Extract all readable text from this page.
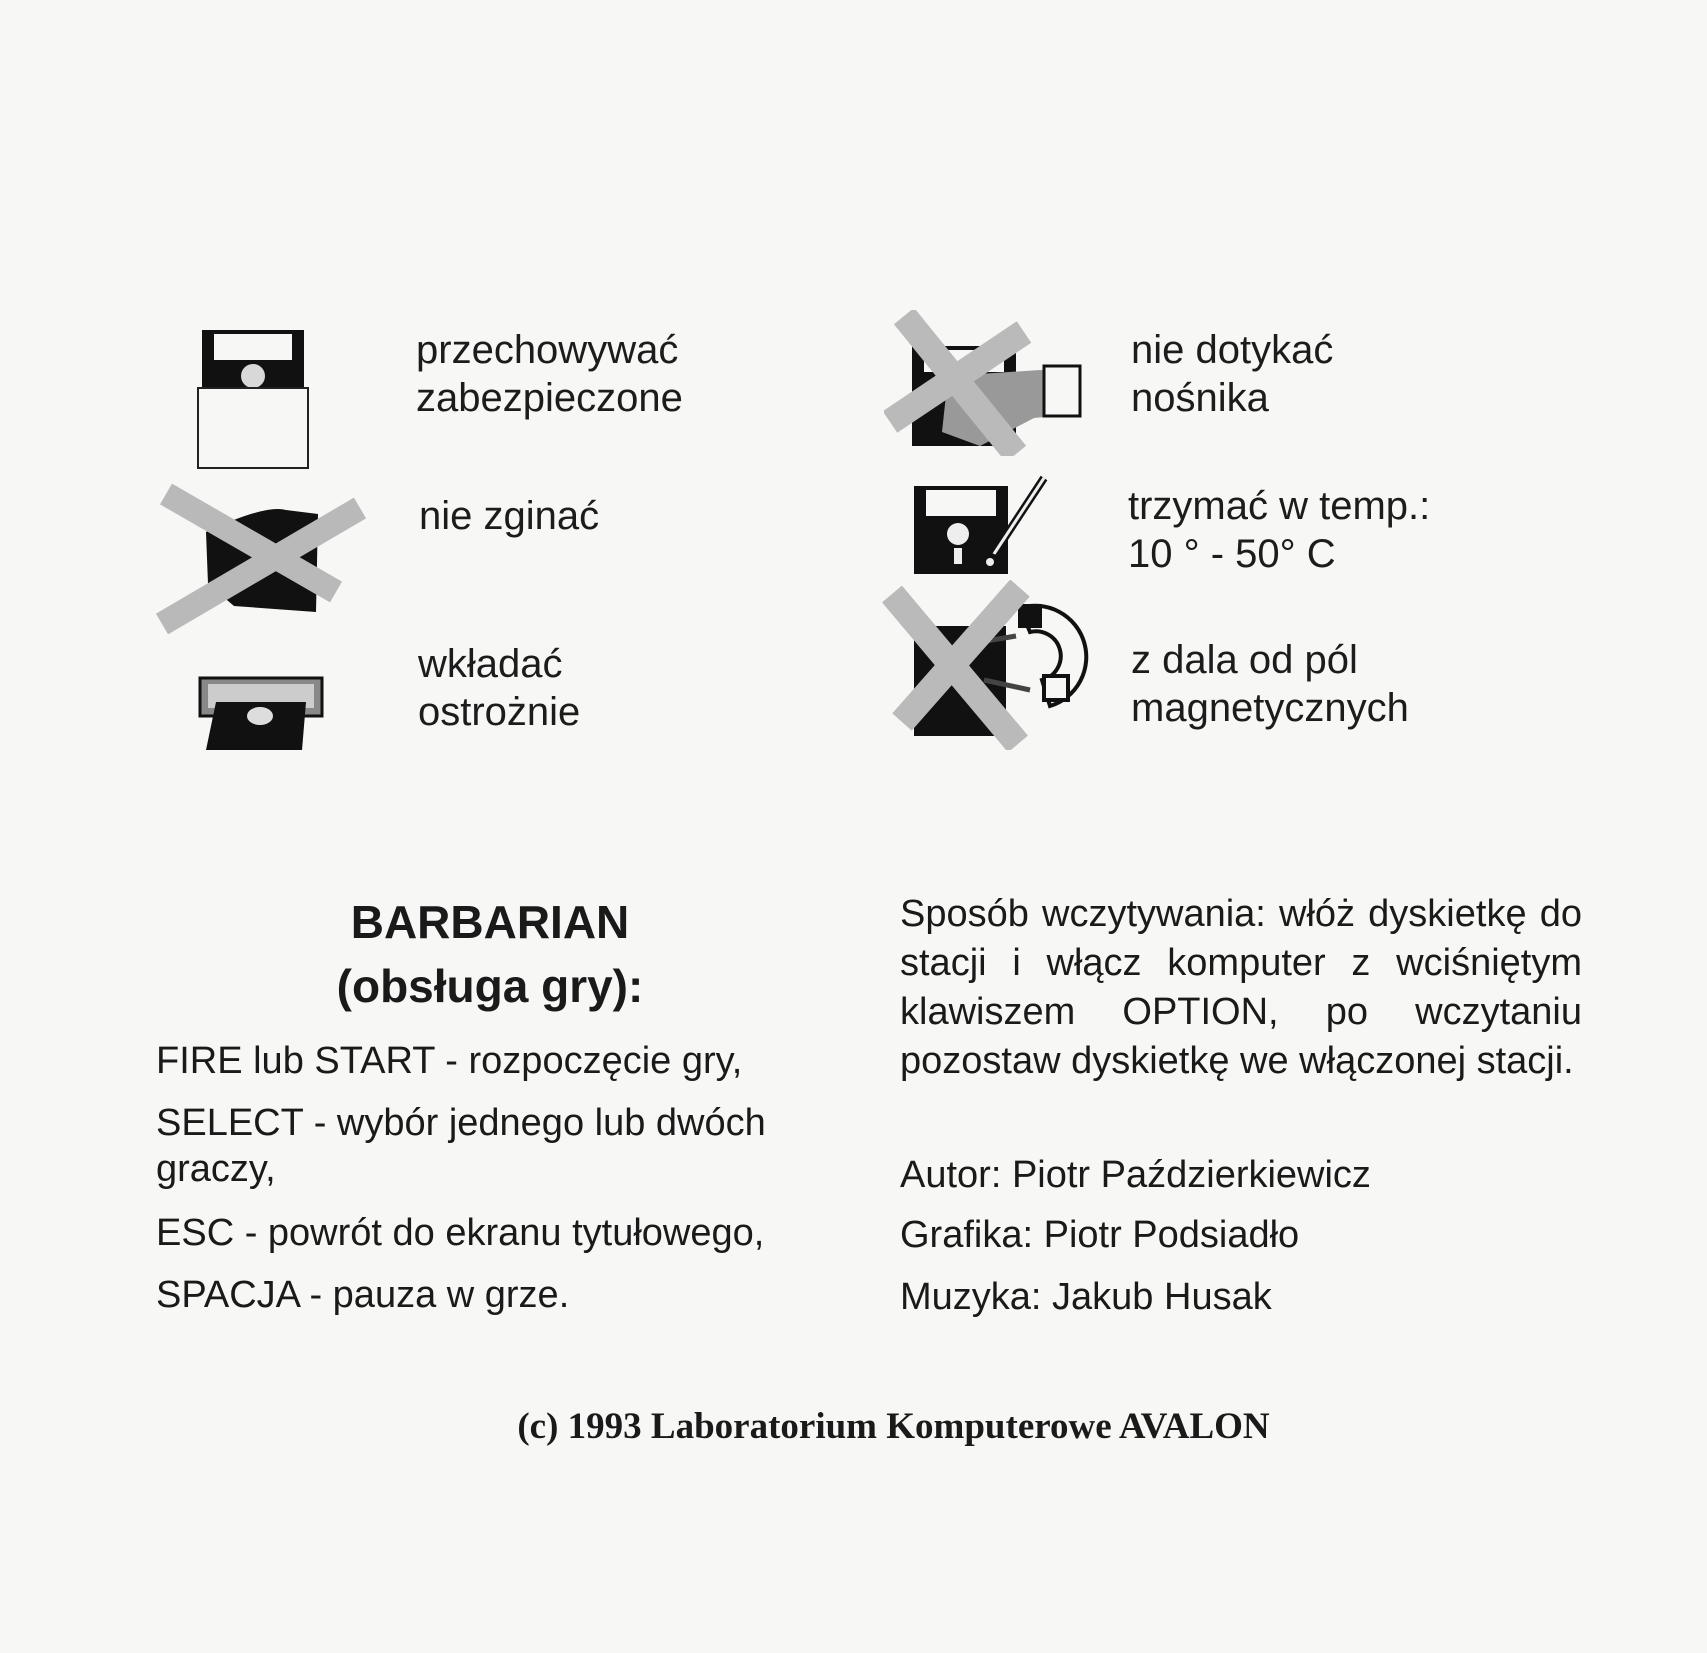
przechowywać
zabezpieczone
nie zginać
wkładać
ostrożnie
nie dotykać
nośnika
trzymać w temp.:
10 ° - 50° C
z dala od pól
magnetycznych
BARBARIAN
(obsługa gry):
FIRE lub START - rozpoczęcie gry,
SELECT - wybór jednego lub dwóch graczy,
ESC - powrót do ekranu tytułowego,
SPACJA - pauza w grze.
Sposób wczytywania: włóż dyskietkę do stacji i włącz komputer z wciśniętym klawiszem OPTION, po wczytaniu pozostaw dyskietkę we włączonej stacji.
Autor: Piotr Paździerkiewicz
Grafika: Piotr Podsiadło
Muzyka: Jakub Husak
(c) 1993 Laboratorium Komputerowe AVALON
